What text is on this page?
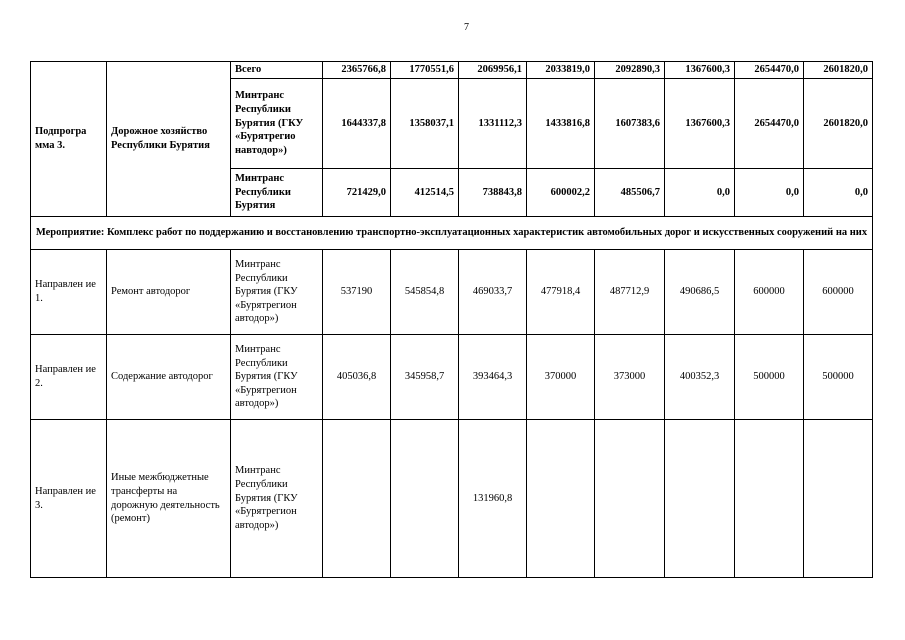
7
Подпрогра мма 3.	Дорожное хозяйство Республики Бурятия	Всего	2365766,8	1770551,6	2069956,1	2033819,0	2092890,3	1367600,3	2654470,0	2601820,0
		Минтранс Республики Бурятия (ГКУ «Бурятрегио навтодор»)	1644337,8	1358037,1	1331112,3	1433816,8	1607383,6	1367600,3	2654470,0	2601820,0
		Минтранс Республики Бурятия	721429,0	412514,5	738843,8	600002,2	485506,7	0,0	0,0	0,0
Мероприятие: Комплекс работ по поддержанию и восстановлению транспортно-эксплуатационных характеристик автомобильных дорог и искусственных сооружений на них										
Направлен ие 1.	Ремонт автодорог	Минтранс Республики Бурятия (ГКУ «Бурятрегион автодор»)	537190	545854,8	469033,7	477918,4	487712,9	490686,5	600000	600000
Направлен ие 2.	Содержание автодорог	Минтранс Республики Бурятия (ГКУ «Бурятрегион автодор»)	405036,8	345958,7	393464,3	370000	373000	400352,3	500000	500000
Направлен ие 3.	Иные межбюджетные трансферты на дорожную деятельность (ремонт)	Минтранс Республики Бурятия (ГКУ «Бурятрегион автодор»)			131960,8					
